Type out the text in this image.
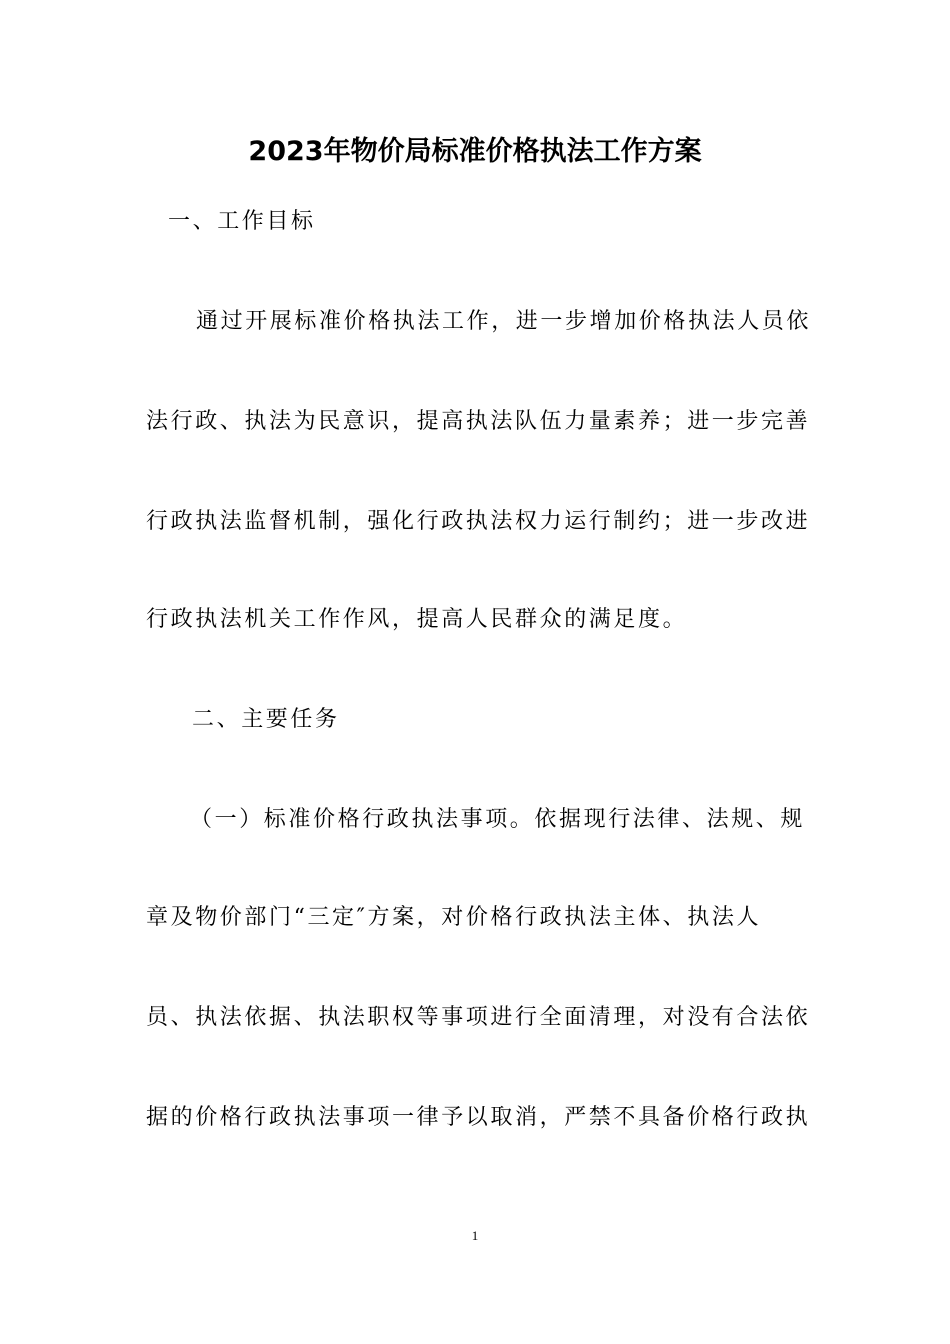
2023年物价局标准价格执法工作方案
一、工作目标
通过开展标准价格执法工作，进一步增加价格执法人员依
法行政、执法为民意识，提高执法队伍力量素养；进一步完善
行政执法监督机制，强化行政执法权力运行制约；进一步改进
行政执法机关工作作风，提高人民群众的满足度。
二、主要任务
（一）标准价格行政执法事项。依据现行法律、法规、规
章及物价部门“三定″方案，对价格行政执法主体、执法人
员、执法依据、执法职权等事项进行全面清理，对没有合法依
据的价格行政执法事项一律予以取消，严禁不具备价格行政执
1
